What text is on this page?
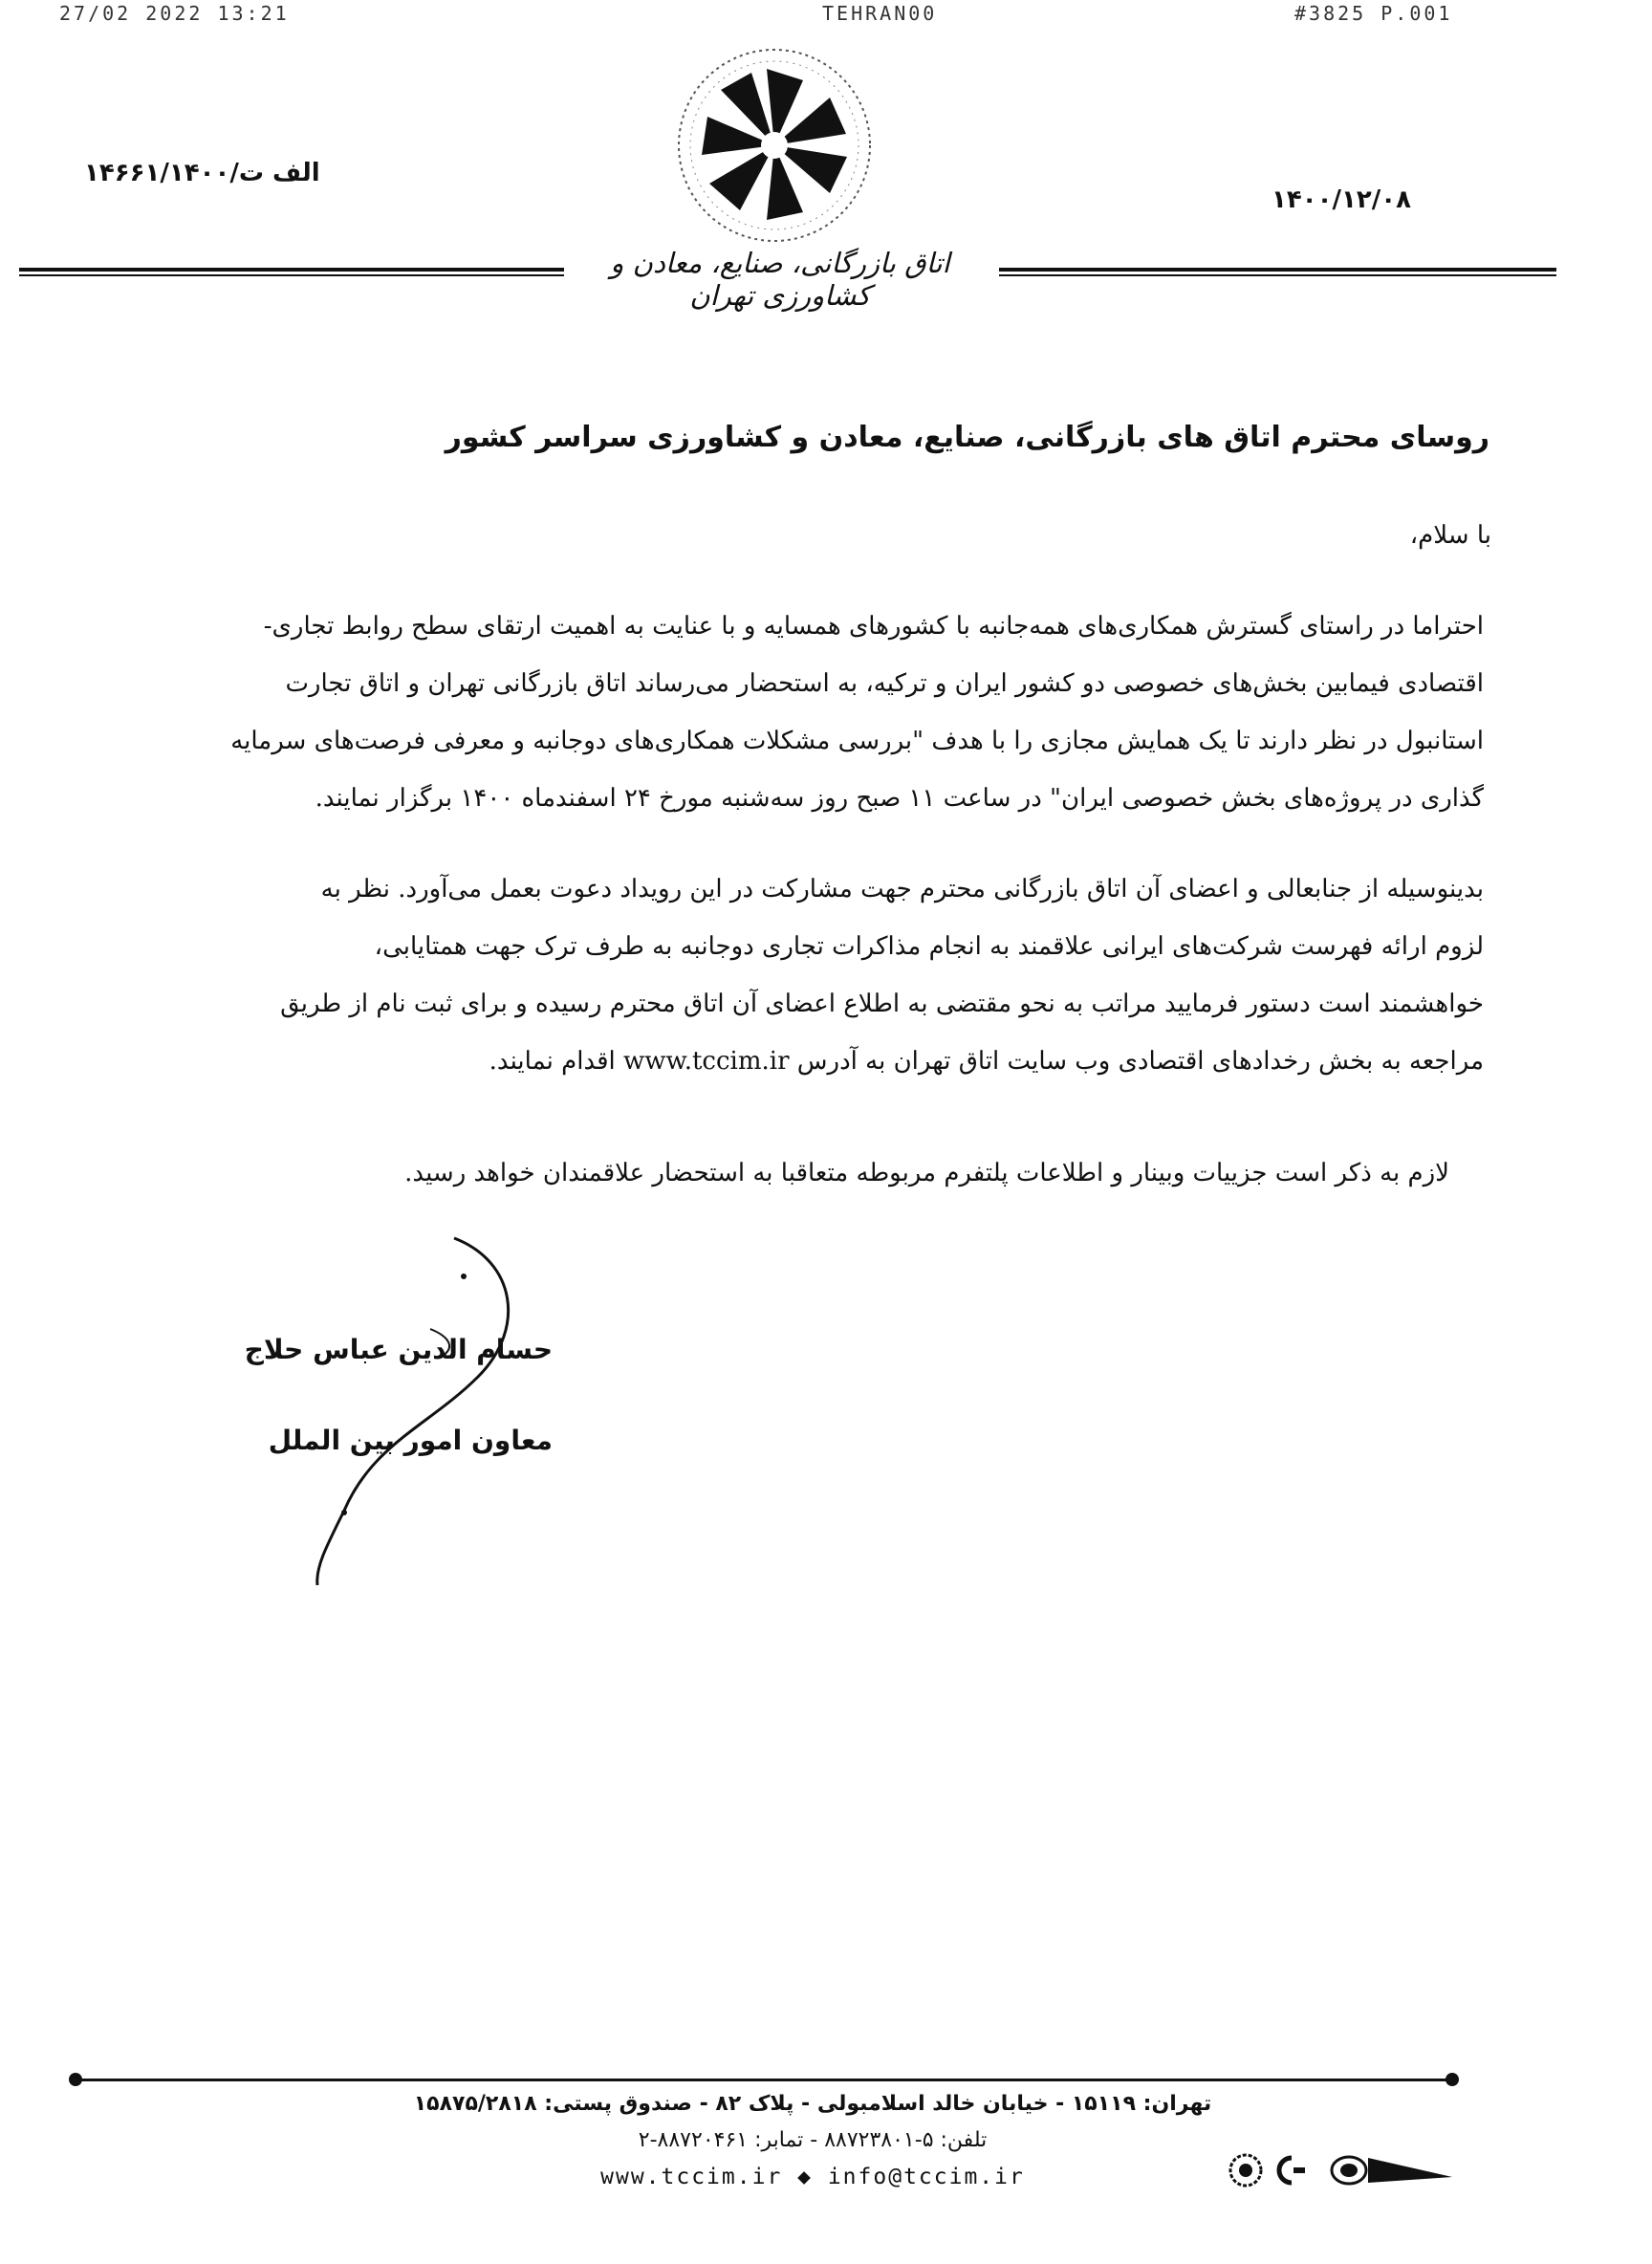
27/02 2022 13:21	TEHRAN00	#3825 P.001
۱۴۶۶۱/۱۴۰۰/الف ت
۱۴۰۰/۱۲/۰۸
اتاق بازرگانی، صنایع، معادن و کشاورزی تهران
روسای محترم اتاق های بازرگانی، صنایع، معادن و کشاورزی سراسر کشور
با سلام،
احتراما در راستای گسترش همکاری‌های همه‌جانبه با کشورهای همسایه و با عنایت به اهمیت ارتقای سطح روابط تجاری-
اقتصادی فیمابین بخش‌های خصوصی دو کشور ایران و ترکیه، به استحضار می‌رساند اتاق بازرگانی تهران و اتاق تجارت
استانبول در نظر دارند تا یک همایش مجازی را با هدف "بررسی مشکلات همکاری‌های دوجانبه و معرفی فرصت‌های سرمایه
گذاری در پروژه‌های بخش خصوصی ایران" در ساعت ۱۱ صبح روز سه‌شنبه مورخ ۲۴ اسفندماه ۱۴۰۰ برگزار نمایند.
بدینوسیله از جنابعالی و اعضای آن اتاق بازرگانی محترم جهت مشارکت در این رویداد دعوت بعمل می‌آورد. نظر به
لزوم ارائه فهرست شرکت‌های ایرانی علاقمند به انجام مذاکرات تجاری دوجانبه به طرف ترک جهت همتایابی،
خواهشمند است دستور فرمایید مراتب به نحو مقتضی به اطلاع اعضای آن اتاق محترم رسیده و برای ثبت نام از طریق
مراجعه به بخش رخدادهای اقتصادی وب سایت اتاق تهران به آدرس www.tccim.ir اقدام نمایند.
لازم به ذکر است جزییات وبینار و اطلاعات پلتفرم مربوطه متعاقبا به استحضار علاقمندان خواهد رسید.
حسام الدین عباس حلاج
معاون امور بین الملل
تهران: ۱۵۱۱۹ - خیابان خالد اسلامبولی - پلاک ۸۲ - صندوق پستی: ۱۵۸۷۵/۲۸۱۸
تلفن: ۵-۸۸۷۲۳۸۰۱ - تمابر: ۸۸۷۲۰۴۶۱-۲
www.tccim.ir ◆ info@tccim.ir
